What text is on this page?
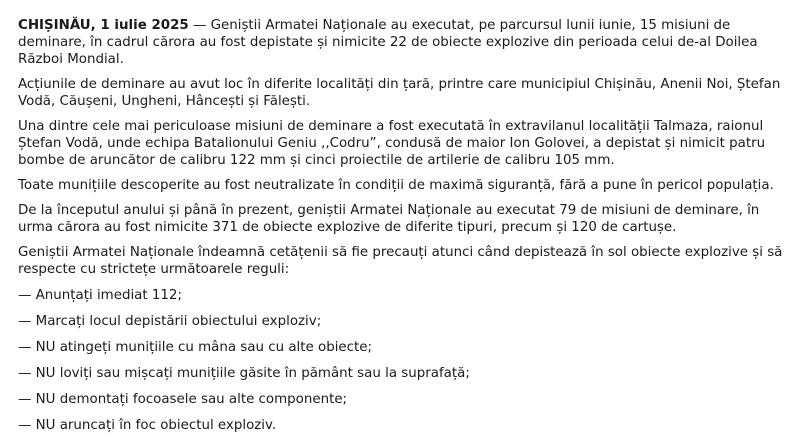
CHIȘINĂU, 1 iulie 2025 — Geniștii Armatei Naționale au executat, pe parcursul lunii iunie, 15 misiuni de deminare, în cadrul cărora au fost depistate și nimicite 22 de obiecte explozive din perioada celui de-al Doilea Război Mondial.

Acțiunile de deminare au avut loc în diferite localități din țară, printre care municipiul Chișinău, Anenii Noi, Ștefan Vodă, Căușeni, Ungheni, Hâncești și Fălești.

Una dintre cele mai periculoase misiuni de deminare a fost executată în extravilanul localității Talmaza, raionul Ștefan Vodă, unde echipa Batalionului Geniu ,,Codru”, condusă de maior Ion Golovei, a depistat și nimicit patru bombe de aruncător de calibru 122 mm și cinci proiectile de artilerie de calibru 105 mm.

Toate munițiile descoperite au fost neutralizate în condiții de maximă siguranță, fără a pune în pericol populația.

De la începutul anului și până în prezent, geniștii Armatei Naționale au executat 79 de misiuni de deminare, în urma cărora au fost nimicite 371 de obiecte explozive de diferite tipuri, precum și 120 de cartușe.

Geniștii Armatei Naționale îndeamnă cetățenii să fie precauți atunci când depistează în sol obiecte explozive și să respecte cu strictețe următoarele reguli:

— Anunțați imediat 112;

— Marcați locul depistării obiectului exploziv;

— NU atingeți munițiile cu mâna sau cu alte obiecte;

— NU loviți sau mișcați munițiile găsite în pământ sau la suprafață;

— NU demontați focoasele sau alte componente;

— NU aruncați în foc obiectul exploziv.
